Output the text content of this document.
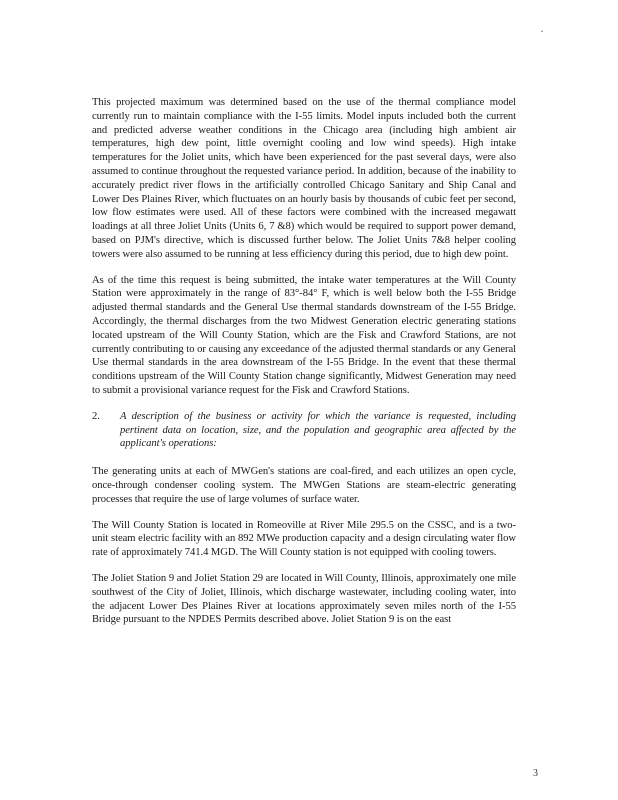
·

This projected maximum was determined based on the use of the thermal compliance model currently run to maintain compliance with the I-55 limits. Model inputs included both the current and predicted adverse weather conditions in the Chicago area (including high ambient air temperatures, high dew point, little overnight cooling and low wind speeds). High intake temperatures for the Joliet units, which have been experienced for the past several days, were also assumed to continue throughout the requested variance period. In addition, because of the inability to accurately predict river flows in the artificially controlled Chicago Sanitary and Ship Canal and Lower Des Plaines River, which fluctuates on an hourly basis by thousands of cubic feet per second, low flow estimates were used. All of these factors were combined with the increased megawatt loadings at all three Joliet Units (Units 6, 7 &8) which would be required to support power demand, based on PJM's directive, which is discussed further below. The Joliet Units 7&8 helper cooling towers were also assumed to be running at less efficiency during this period, due to high dew point.

As of the time this request is being submitted, the intake water temperatures at the Will County Station were approximately in the range of 83°-84° F, which is well below both the I-55 Bridge adjusted thermal standards and the General Use thermal standards downstream of the I-55 Bridge. Accordingly, the thermal discharges from the two Midwest Generation electric generating stations located upstream of the Will County Station, which are the Fisk and Crawford Stations, are not currently contributing to or causing any exceedance of the adjusted thermal standards or any General Use thermal standards in the area downstream of the I-55 Bridge. In the event that these thermal conditions upstream of the Will County Station change significantly, Midwest Generation may need to submit a provisional variance request for the Fisk and Crawford Stations.

2.	A description of the business or activity for which the variance is requested, including pertinent data on location, size, and the population and geographic area affected by the applicant's operations:

The generating units at each of MWGen's stations are coal-fired, and each utilizes an open cycle, once-through condenser cooling system. The MWGen Stations are steam-electric generating processes that require the use of large volumes of surface water.

The Will County Station is located in Romeoville at River Mile 295.5 on the CSSC, and is a two-unit steam electric facility with an 892 MWe production capacity and a design circulating water flow rate of approximately 741.4 MGD. The Will County station is not equipped with cooling towers.

The Joliet Station 9 and Joliet Station 29 are located in Will County, Illinois, approximately one mile southwest of the City of Joliet, Illinois, which discharge wastewater, including cooling water, into the adjacent Lower Des Plaines River at locations approximately seven miles north of the I-55 Bridge pursuant to the NPDES Permits described above. Joliet Station 9 is on the east

3
